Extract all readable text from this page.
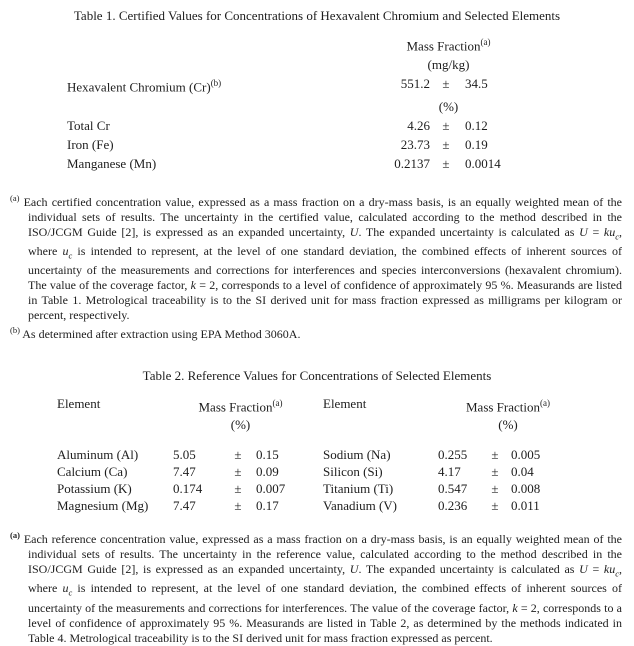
Table 1. Certified Values for Concentrations of Hexavalent Chromium and Selected Elements
Mass Fraction$^{(a)}$
(mg/kg)
Hexavalent Chromium $(Cr)^{(b)}$	551.2 ±	34.5
(%)
Total Cr	4.26 ±	0.12
Iron (Fe)	23.73 ±	0.19
Manganese (Mn)	0.2137 ±	0.0014
$^{(a)}$ Each certified concentration value, expressed as a mass fraction on a dry-mass basis, is an equally weighted mean of the individual sets of results. The uncertainty in the certified value, calculated according to the method described in the ISO/JCGM Guide [2], is expressed as an expanded uncertainty, U. The expanded uncertainty is calculated as $U = ku_c$, where $u_c$ is intended to represent, at the level of one standard deviation, the combined effects of inherent sources of uncertainty of the measurements and corrections for interferences and species interconversions (hexavalent chromium). The value of the coverage factor, k = 2, corresponds to a level of confidence of approximately 95 %. Measurands are listed in Table 1. Metrological traceability is to the SI derived unit for mass fraction expressed as milligrams per kilogram or percent, respectively.
$^{(b)}$ As determined after extraction using EPA Method 3060A.
Table 2. Reference Values for Concentrations of Selected Elements
Element	Mass Fraction$^{(a)}$	Element	Mass Fraction$^{(a)}$
(%)	(%)
Aluminum (Al)	5.05	±	0.15	Sodium (Na)	0.255	± 0.005
Calcium (Ca)	7.47	±	0.09	Silicon (Si)	4.17	± 0.04
Potassium (K)	0.174	±	0.007	Titanium (Ti)	0.547	± 0.008
Magnesium (Mg)	7.47	±	0.17	Vanadium (V)	0.236	± 0.011
$^{(a)}$ Each reference concentration value, expressed as a mass fraction on a dry-mass basis, is an equally weighted mean of the individual sets of results. The uncertainty in the reference value, calculated according to the method described in the ISO/JCGM Guide [2], is expressed as an expanded uncertainty, U. The expanded uncertainty is calculated as $U = ku_c$, where $u_c$ is intended to represent, at the level of one standard deviation, the combined effects of inherent sources of uncertainty of the measurements and corrections for interferences. The value of the coverage factor, k = 2, corresponds to a level of confidence of approximately 95 %. Measurands are listed in Table 2, as determined by the methods indicated in Table 4. Metrological traceability is to the SI derived unit for mass fraction expressed as percent.
